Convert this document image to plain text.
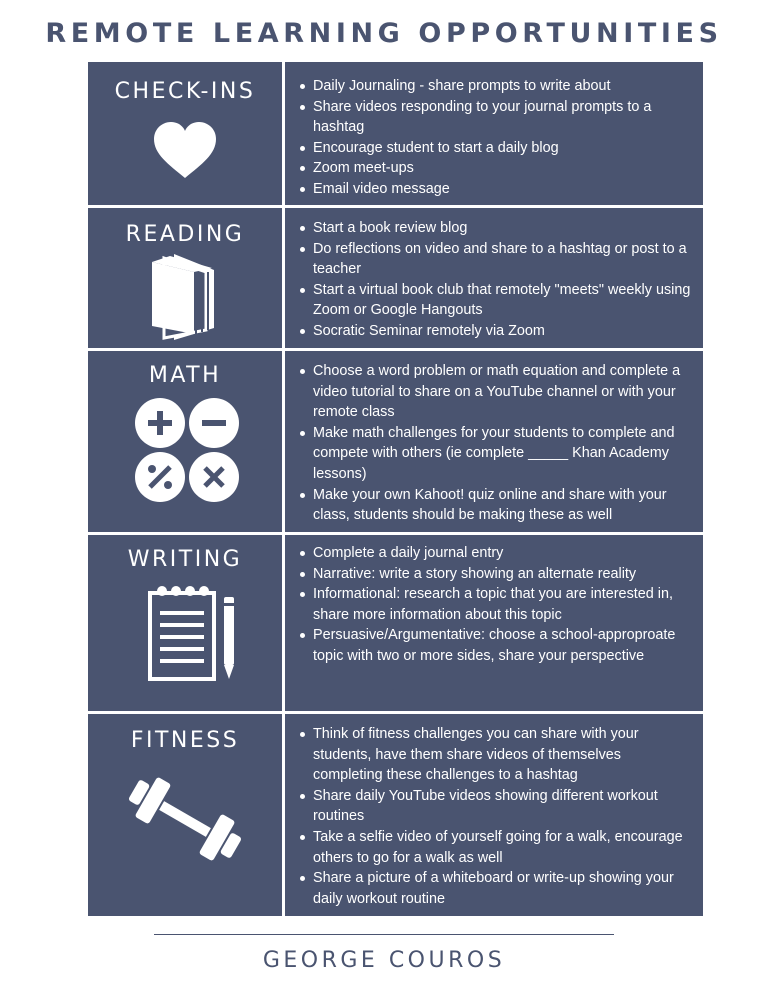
REMOTE LEARNING OPPORTUNITIES
CHECK-INS	Daily Journaling - share prompts to write about
Share videos responding to your journal prompts to a hashtag
Encourage student to start a daily blog
Zoom meet-ups
Email video message
READING	Start a book review blog
Do reflections on video and share to a hashtag or post to a teacher
Start a virtual book club that remotely "meets" weekly using Zoom or Google Hangouts
Socratic Seminar remotely via Zoom
MATH	Choose a word problem or math equation and complete a video tutorial to share on a YouTube channel or with your remote class
Make math challenges for your students to complete and compete with others (ie complete _____ Khan Academy lessons)
Make your own Kahoot! quiz online and share with your class, students should be making these as well
WRITING	Complete a daily journal entry
Narrative: write a story showing an alternate reality
Informational: research a topic that you are interested in, share more information about this topic
Persuasive/Argumentative: choose a school-approproate topic with two or more sides, share your perspective
FITNESS	Think of fitness challenges you can share with your students, have them share videos of themselves completing these challenges to a hashtag
Share daily YouTube videos showing different workout routines
Take a selfie video of yourself going for a walk, encourage others to go for a walk as well
Share a picture of a whiteboard or write-up showing your daily workout routine
GEORGE COUROS
